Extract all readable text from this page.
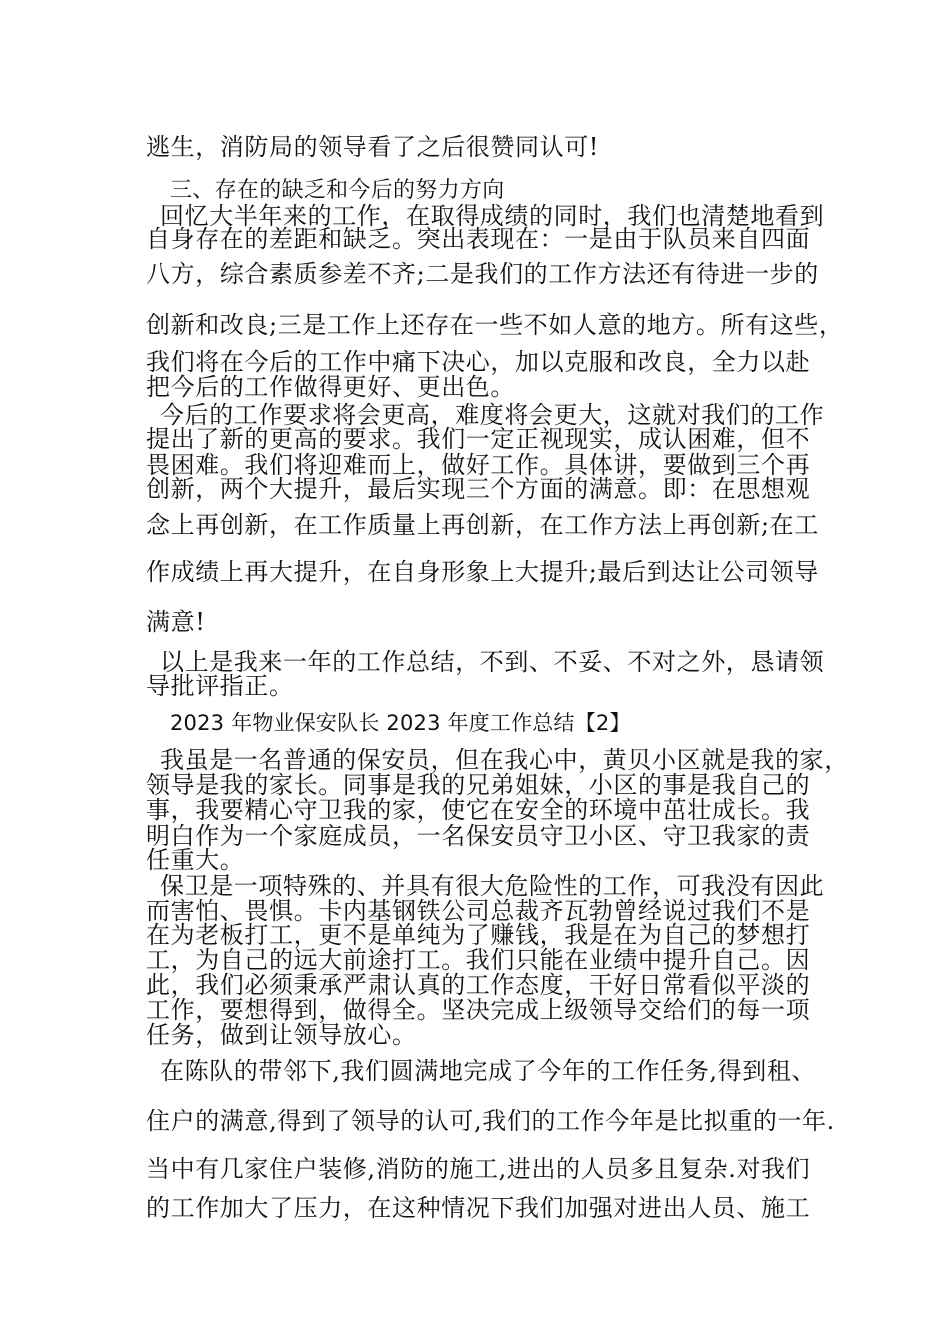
逃生，消防局的领导看了之后很赞同认可!

三、存在的缺乏和今后的努力方向

回忆大半年来的工作，在取得成绩的同时，我们也清楚地看到

自身存在的差距和缺乏。突出表现在：一是由于队员来自四面

八方，综合素质参差不齐;二是我们的工作方法还有待进一步的

创新和改良;三是工作上还存在一些不如人意的地方。所有这些，

我们将在今后的工作中痛下决心，加以克服和改良，全力以赴

把今后的工作做得更好、更出色。

今后的工作要求将会更高，难度将会更大，这就对我们的工作

提出了新的更高的要求。我们一定正视现实，成认困难，但不

畏困难。我们将迎难而上，做好工作。具体讲，要做到三个再

创新，两个大提升，最后实现三个方面的满意。即：在思想观

念上再创新，在工作质量上再创新，在工作方法上再创新;在工

作成绩上再大提升，在自身形象上大提升;最后到达让公司领导

满意!

以上是我来一年的工作总结，不到、不妥、不对之外，恳请领

导批评指正。

2023 年物业保安队长 2023 年度工作总结【2】

我虽是一名普通的保安员，但在我心中，黄贝小区就是我的家，

领导是我的家长。同事是我的兄弟姐妹，小区的事是我自己的

事，我要精心守卫我的家，使它在安全的环境中茁壮成长。我

明白作为一个家庭成员，一名保安员守卫小区、守卫我家的责

任重大。

保卫是一项特殊的、并具有很大危险性的工作，可我没有因此

而害怕、畏惧。卡内基钢铁公司总裁齐瓦勃曾经说过我们不是

在为老板打工，更不是单纯为了赚钱，我是在为自己的梦想打

工，为自己的远大前途打工。我们只能在业绩中提升自己。因

此，我们必须秉承严肃认真的工作态度，干好日常看似平淡的

工作，要想得到，做得全。坚决完成上级领导交给们的每一项

任务，做到让领导放心。

在陈队的带邻下,我们圆满地完成了今年的工作任务,得到租、

住户的满意,得到了领导的认可,我们的工作今年是比拟重的一年.

当中有几家住户装修,消防的施工,进出的人员多且复杂.对我们

的工作加大了压力，在这种情况下我们加强对进出人员、施工
